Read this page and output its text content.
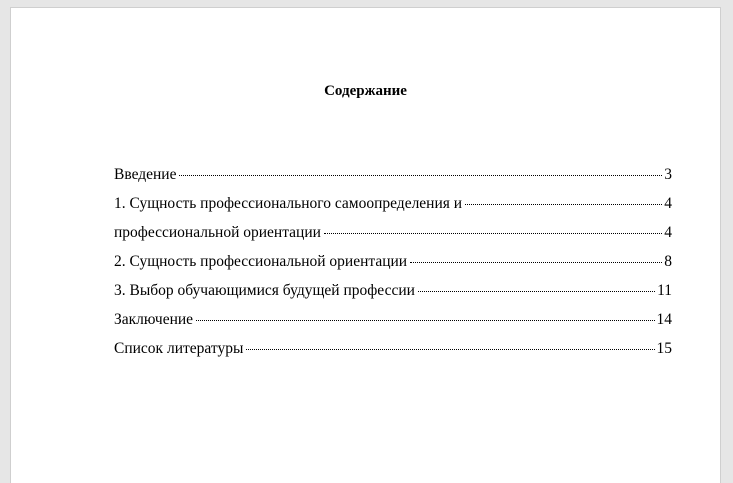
Содержание
Введение	3
1. Сущность профессионального самоопределения и	4
профессиональной ориентации	4
2. Сущность профессиональной ориентации	8
3. Выбор обучающимися будущей профессии	11
Заключение	14
Список литературы	15
